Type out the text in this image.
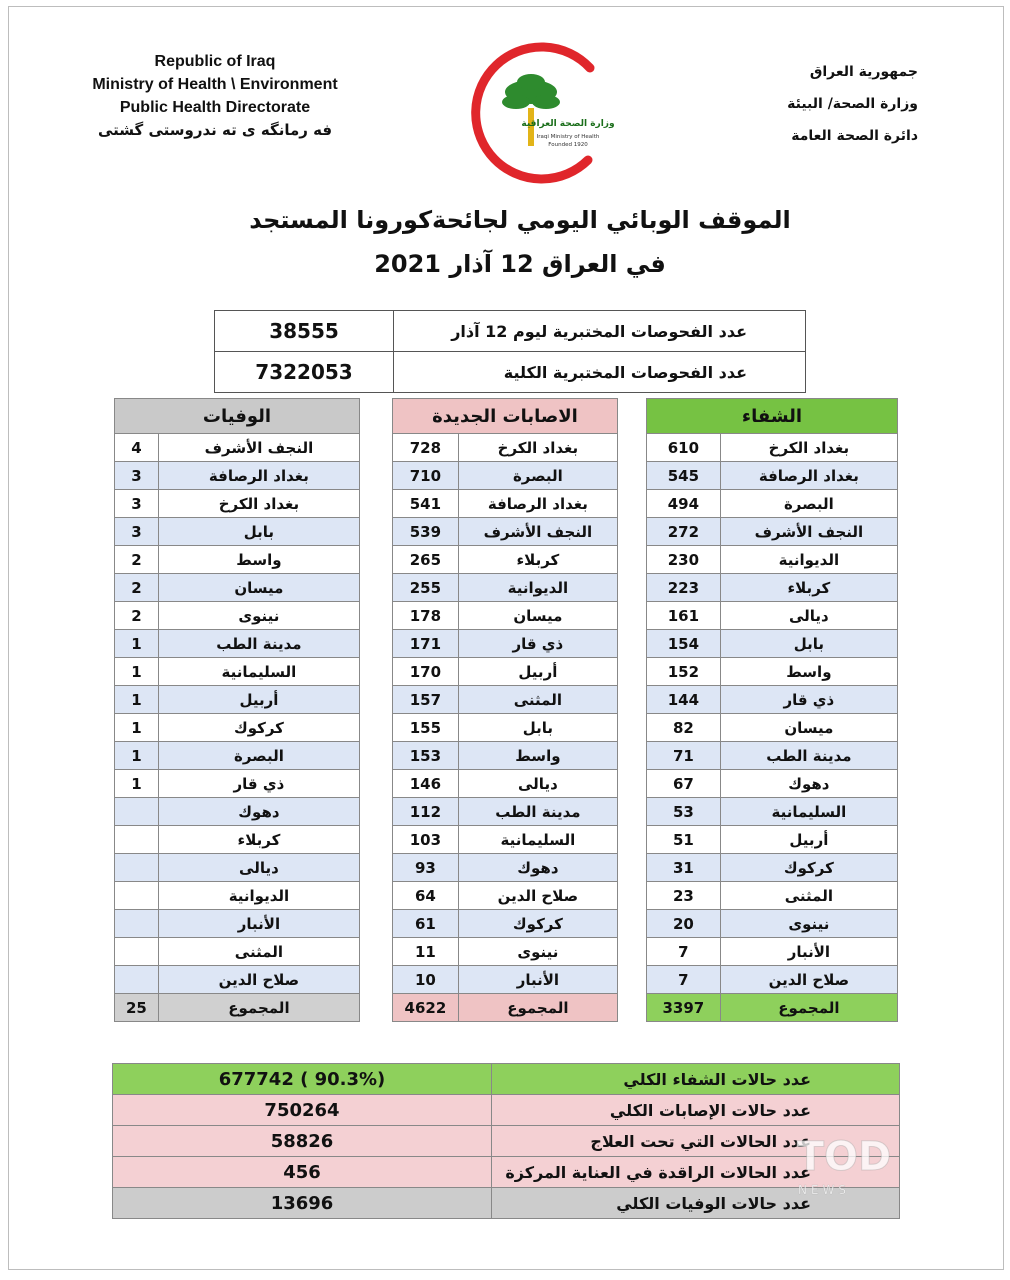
Republic of Iraq
Ministry of Health \ Environment
Public Health Directorate
فه رمانگه ى ته ندروستى گشتى
جمهورية العراق
وزارة الصحة/ البيئة
دائرة الصحة العامة
وزارة الصحة العراقية
Iraqi Ministry of Health
Founded 1920
الموقف الوبائي اليومي لجائحةكورونا المستجد
في العراق 12 آذار 2021
38555	عدد الفحوصات المختبرية ليوم 12 آذار
7322053	عدد الفحوصات المختبرية الكلية
الوفيات	
4	النجف الأشرف
3	بغداد الرصافة
3	بغداد الكرخ
3	بابل
2	واسط
2	ميسان
2	نينوى
1	مدينة الطب
1	السليمانية
1	أربيل
1	كركوك
1	البصرة
1	ذي قار
	دهوك
	كربلاء
	ديالى
	الديوانية
	الأنبار
	المثنى
	صلاح الدين
25	المجموع
الاصابات الجديدة	
728	بغداد الكرخ
710	البصرة
541	بغداد الرصافة
539	النجف الأشرف
265	كربلاء
255	الديوانية
178	ميسان
171	ذي قار
170	أربيل
157	المثنى
155	بابل
153	واسط
146	ديالى
112	مدينة الطب
103	السليمانية
93	دهوك
64	صلاح الدين
61	كركوك
11	نينوى
10	الأنبار
4622	المجموع
الشفاء	
610	بغداد الكرخ
545	بغداد الرصافة
494	البصرة
272	النجف الأشرف
230	الديوانية
223	كربلاء
161	ديالى
154	بابل
152	واسط
144	ذي قار
82	ميسان
71	مدينة الطب
67	دهوك
53	السليمانية
51	أربيل
31	كركوك
23	المثنى
20	نينوى
7	الأنبار
7	صلاح الدين
3397	المجموع
677742 ( 90.3%)	عدد حالات الشفاء الكلي
750264	عدد حالات الإصابات الكلي
58826	عدد الحالات التي تحت العلاج
456	عدد الحالات الراقدة في العناية المركزة
13696	عدد حالات الوفيات الكلي
TOD
NEWS
